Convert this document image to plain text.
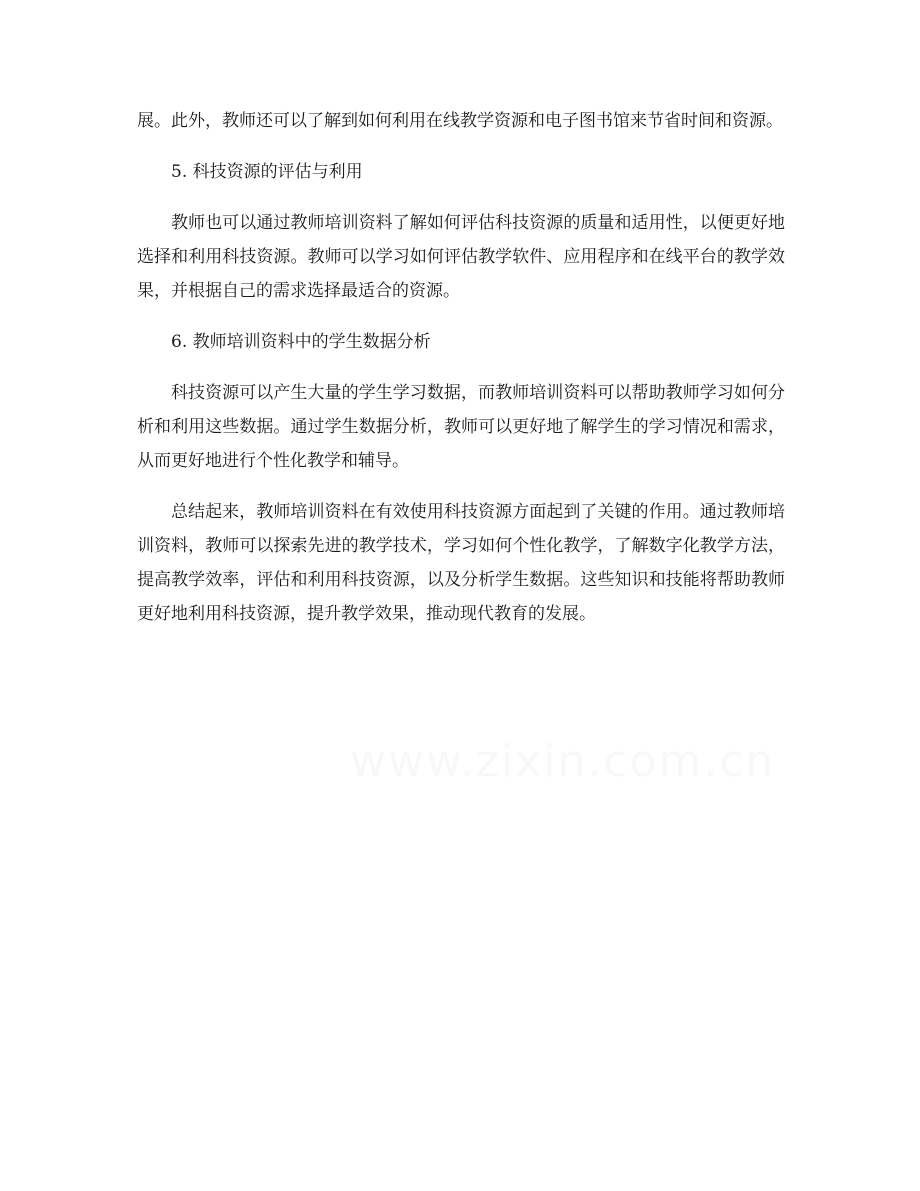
展。此外，教师还可以了解到如何利用在线教学资源和电子图书馆来节省时间和资源。

5. 科技资源的评估与利用

教师也可以通过教师培训资料了解如何评估科技资源的质量和适用性，以便更好地选择和利用科技资源。教师可以学习如何评估教学软件、应用程序和在线平台的教学效果，并根据自己的需求选择最适合的资源。

6. 教师培训资料中的学生数据分析

科技资源可以产生大量的学生学习数据，而教师培训资料可以帮助教师学习如何分析和利用这些数据。通过学生数据分析，教师可以更好地了解学生的学习情况和需求，从而更好地进行个性化教学和辅导。

总结起来，教师培训资料在有效使用科技资源方面起到了关键的作用。通过教师培训资料，教师可以探索先进的教学技术，学习如何个性化教学，了解数字化教学方法，提高教学效率，评估和利用科技资源，以及分析学生数据。这些知识和技能将帮助教师更好地利用科技资源，提升教学效果，推动现代教育的发展。

www.zixin.com.cn
